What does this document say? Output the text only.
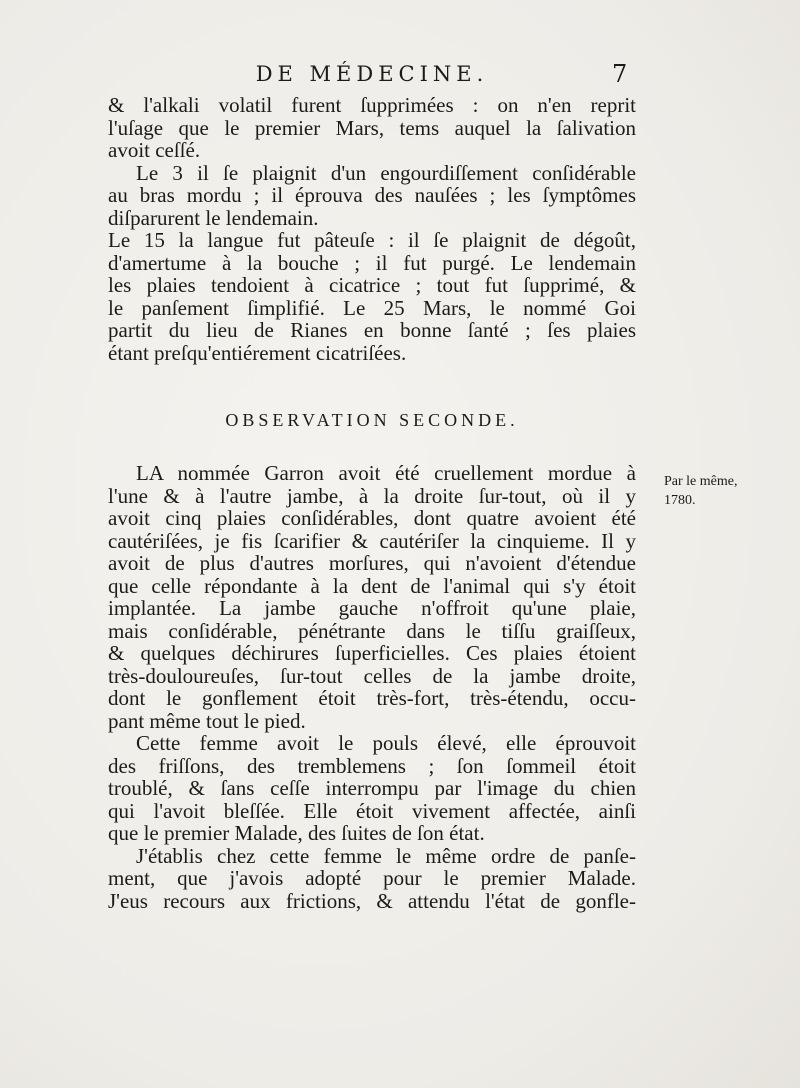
DE MÉDECINE.	7
& l'alkali volatil furent ſupprimées : on n'en reprit
l'uſage que le premier Mars, tems auquel la ſalivation
avoit ceſſé.
Le 3 il ſe plaignit d'un engourdiſſement conſidérable
au bras mordu ; il éprouva des nauſées ; les ſymptômes
diſparurent le lendemain.
Le 15 la langue fut pâteuſe : il ſe plaignit de dégoût,
d'amertume à la bouche ; il fut purgé. Le lendemain
les plaies tendoient à cicatrice ; tout fut ſupprimé, &
le panſement ſimplifié. Le 25 Mars, le nommé Goi
partit du lieu de Rianes en bonne ſanté ; ſes plaies
étant preſqu'entiérement cicatriſées.
OBSERVATION SECONDE.
Par le même,
1780.
LA nommée Garron avoit été cruellement mordue à
l'une & à l'autre jambe, à la droite ſur-tout, où il y
avoit cinq plaies conſidérables, dont quatre avoient été
cautériſées, je fis ſcarifier & cautériſer la cinquieme. Il y
avoit de plus d'autres morſures, qui n'avoient d'étendue
que celle répondante à la dent de l'animal qui s'y étoit
implantée. La jambe gauche n'offroit qu'une plaie,
mais conſidérable, pénétrante dans le tiſſu graiſſeux,
& quelques déchirures ſuperficielles. Ces plaies étoient
très-douloureuſes, ſur-tout celles de la jambe droite,
dont le gonflement étoit très-fort, très-étendu, occu-
pant même tout le pied.
Cette femme avoit le pouls élevé, elle éprouvoit
des friſſons, des tremblemens ; ſon ſommeil étoit
troublé, & ſans ceſſe interrompu par l'image du chien
qui l'avoit bleſſée. Elle étoit vivement affectée, ainſi
que le premier Malade, des ſuites de ſon état.
J'établis chez cette femme le même ordre de panſe-
ment, que j'avois adopté pour le premier Malade.
J'eus recours aux frictions, & attendu l'état de gonfle-
